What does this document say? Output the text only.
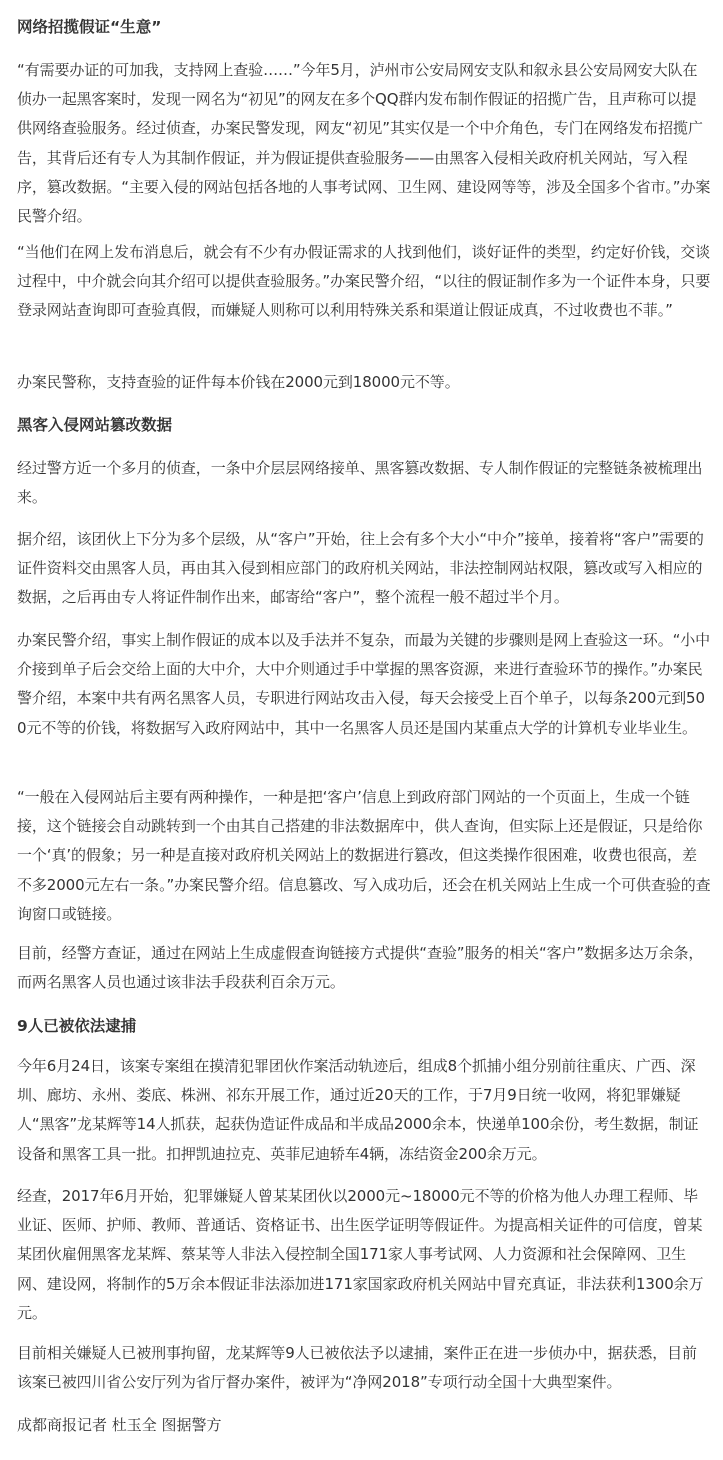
网络招揽假证“生意”

“有需要办证的可加我，支持网上查验……”今年5月，泸州市公安局网安支队和叙永县公安局网安大队在侦办一起黑客案时，发现一网名为“初见”的网友在多个QQ群内发布制作假证的招揽广告，且声称可以提供网络查验服务。经过侦查，办案民警发现，网友“初见”其实仅是一个中介角色，专门在网络发布招揽广告，其背后还有专人为其制作假证，并为假证提供查验服务——由黑客入侵相关政府机关网站，写入程序，篡改数据。“主要入侵的网站包括各地的人事考试网、卫生网、建设网等等，涉及全国多个省市。”办案民警介绍。

“当他们在网上发布消息后，就会有不少有办假证需求的人找到他们，谈好证件的类型，约定好价钱，交谈过程中，中介就会向其介绍可以提供查验服务。”办案民警介绍，“以往的假证制作多为一个证件本身，只要登录网站查询即可查验真假，而嫌疑人则称可以利用特殊关系和渠道让假证成真，不过收费也不菲。”

办案民警称，支持查验的证件每本价钱在2000元到18000元不等。

黑客入侵网站篡改数据

经过警方近一个多月的侦查，一条中介层层网络接单、黑客篡改数据、专人制作假证的完整链条被梳理出来。

据介绍，该团伙上下分为多个层级，从“客户”开始，往上会有多个大小“中介”接单，接着将“客户”需要的证件资料交由黑客人员，再由其入侵到相应部门的政府机关网站，非法控制网站权限，篡改或写入相应的数据，之后再由专人将证件制作出来，邮寄给“客户”，整个流程一般不超过半个月。

办案民警介绍，事实上制作假证的成本以及手法并不复杂，而最为关键的步骤则是网上查验这一环。“小中介接到单子后会交给上面的大中介，大中介则通过手中掌握的黑客资源，来进行查验环节的操作。”办案民警介绍，本案中共有两名黑客人员，专职进行网站攻击入侵，每天会接受上百个单子，以每条200元到500元不等的价钱，将数据写入政府网站中，其中一名黑客人员还是国内某重点大学的计算机专业毕业生。

“一般在入侵网站后主要有两种操作，一种是把‘客户’信息上到政府部门网站的一个页面上，生成一个链接，这个链接会自动跳转到一个由其自己搭建的非法数据库中，供人查询，但实际上还是假证，只是给你一个‘真’的假象；另一种是直接对政府机关网站上的数据进行篡改，但这类操作很困难，收费也很高，差不多2000元左右一条。”办案民警介绍。信息篡改、写入成功后，还会在机关网站上生成一个可供查验的查询窗口或链接。

目前，经警方查证，通过在网站上生成虚假查询链接方式提供“查验”服务的相关“客户”数据多达万余条，而两名黑客人员也通过该非法手段获利百余万元。

9人已被依法逮捕

今年6月24日，该案专案组在摸清犯罪团伙作案活动轨迹后，组成8个抓捕小组分别前往重庆、广西、深圳、廊坊、永州、娄底、株洲、祁东开展工作，通过近20天的工作，于7月9日统一收网，将犯罪嫌疑人“黑客”龙某辉等14人抓获，起获伪造证件成品和半成品2000余本，快递单100余份，考生数据，制证设备和黑客工具一批。扣押凯迪拉克、英菲尼迪轿车4辆，冻结资金200余万元。

经查，2017年6月开始，犯罪嫌疑人曾某某团伙以2000元~18000元不等的价格为他人办理工程师、毕业证、医师、护师、教师、普通话、资格证书、出生医学证明等假证件。为提高相关证件的可信度，曾某某团伙雇佣黑客龙某辉、蔡某等人非法入侵控制全国171家人事考试网、人力资源和社会保障网、卫生网、建设网，将制作的5万余本假证非法添加进171家国家政府机关网站中冒充真证，非法获利1300余万元。

目前相关嫌疑人已被刑事拘留，龙某辉等9人已被依法予以逮捕，案件正在进一步侦办中，据获悉，目前该案已被四川省公安厅列为省厅督办案件，被评为“净网2018”专项行动全国十大典型案件。

成都商报记者 杜玉全 图据警方
